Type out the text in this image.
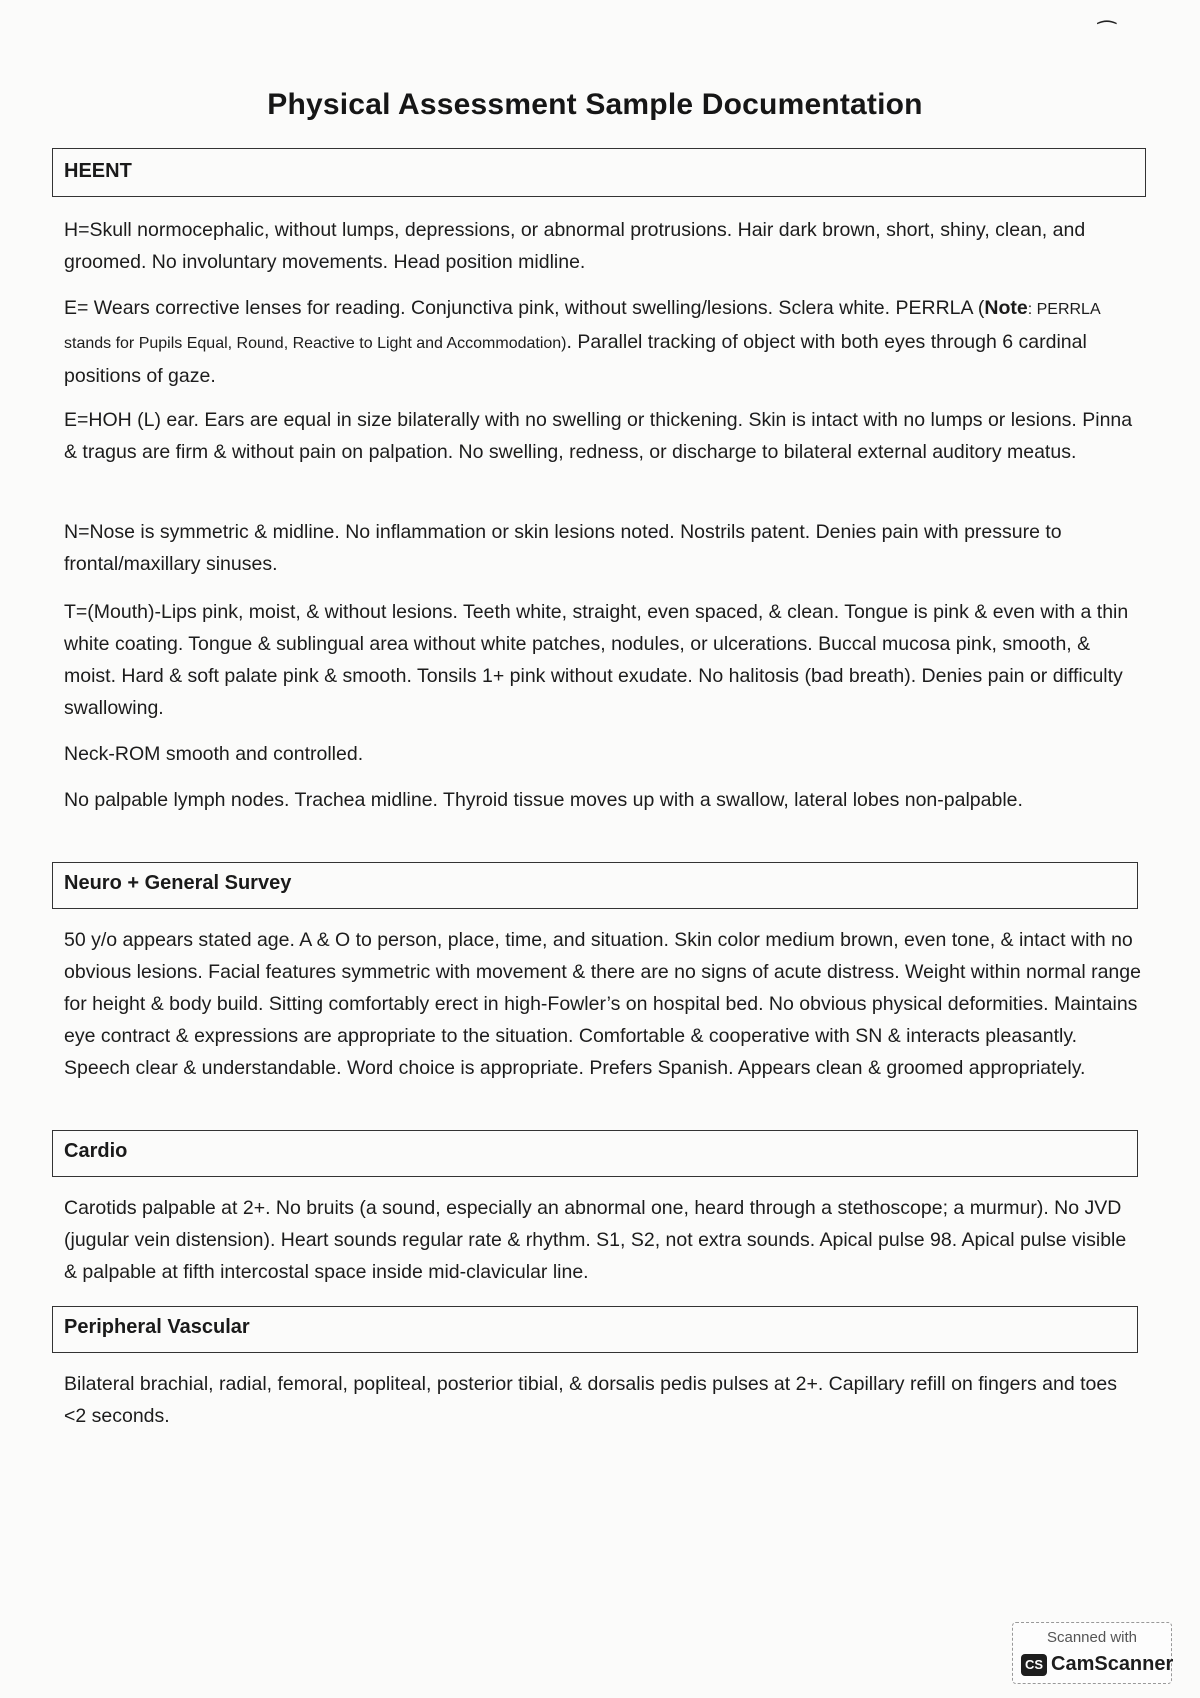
⁀
Physical Assessment Sample Documentation
HEENT
H=Skull normocephalic, without lumps, depressions, or abnormal protrusions. Hair dark brown, short, shiny, clean, and groomed. No involuntary movements. Head position midline.
E= Wears corrective lenses for reading. Conjunctiva pink, without swelling/lesions. Sclera white. PERRLA (Note: PERRLA stands for Pupils Equal, Round, Reactive to Light and Accommodation). Parallel tracking of object with both eyes through 6 cardinal positions of gaze.
E=HOH (L) ear. Ears are equal in size bilaterally with no swelling or thickening. Skin is intact with no lumps or lesions. Pinna & tragus are firm & without pain on palpation. No swelling, redness, or discharge to bilateral external auditory meatus.
N=Nose is symmetric & midline. No inflammation or skin lesions noted. Nostrils patent. Denies pain with pressure to frontal/maxillary sinuses.
T=(Mouth)-Lips pink, moist, & without lesions. Teeth white, straight, even spaced, & clean. Tongue is pink & even with a thin white coating. Tongue & sublingual area without white patches, nodules, or ulcerations. Buccal mucosa pink, smooth, & moist. Hard & soft palate pink & smooth. Tonsils 1+ pink without exudate. No halitosis (bad breath). Denies pain or difficulty swallowing.
Neck-ROM smooth and controlled.
No palpable lymph nodes. Trachea midline. Thyroid tissue moves up with a swallow, lateral lobes non-palpable.
Neuro + General Survey
50 y/o appears stated age. A & O to person, place, time, and situation. Skin color medium brown, even tone, & intact with no obvious lesions. Facial features symmetric with movement & there are no signs of acute distress. Weight within normal range for height & body build. Sitting comfortably erect in high-Fowler’s on hospital bed. No obvious physical deformities. Maintains eye contract & expressions are appropriate to the situation. Comfortable & cooperative with SN & interacts pleasantly. Speech clear & understandable. Word choice is appropriate. Prefers Spanish. Appears clean & groomed appropriately.
Cardio
Carotids palpable at 2+. No bruits (a sound, especially an abnormal one, heard through a stethoscope; a murmur). No JVD (jugular vein distension). Heart sounds regular rate & rhythm. S1, S2, not extra sounds. Apical pulse 98. Apical pulse visible & palpable at fifth intercostal space inside mid-clavicular line.
Peripheral Vascular
Bilateral brachial, radial, femoral, popliteal, posterior tibial, & dorsalis pedis pulses at 2+. Capillary refill on fingers and toes <2 seconds.
Scanned with
CS CamScanner
